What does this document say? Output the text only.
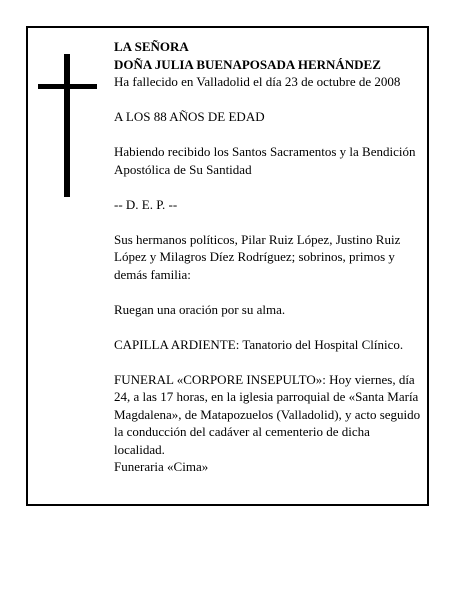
LA SEÑORA
DOÑA JULIA BUENAPOSADA HERNÁNDEZ
Ha fallecido en Valladolid el día 23 de octubre de 2008

A LOS 88 AÑOS DE EDAD

Habiendo recibido los Santos Sacramentos y la Bendición Apostólica de Su Santidad

-- D. E. P. --

Sus hermanos políticos, Pilar Ruiz López, Justino Ruiz López y Milagros Díez Rodríguez; sobrinos, primos y demás familia:

Ruegan una oración por su alma.

CAPILLA ARDIENTE: Tanatorio del Hospital Clínico.

FUNERAL «CORPORE INSEPULTO»: Hoy viernes, día 24, a las 17 horas, en la iglesia parroquial de «Santa María Magdalena», de Matapozuelos (Valladolid), y acto seguido la conducción del cadáver al cementerio de dicha localidad.

Funeraria «Cima»
